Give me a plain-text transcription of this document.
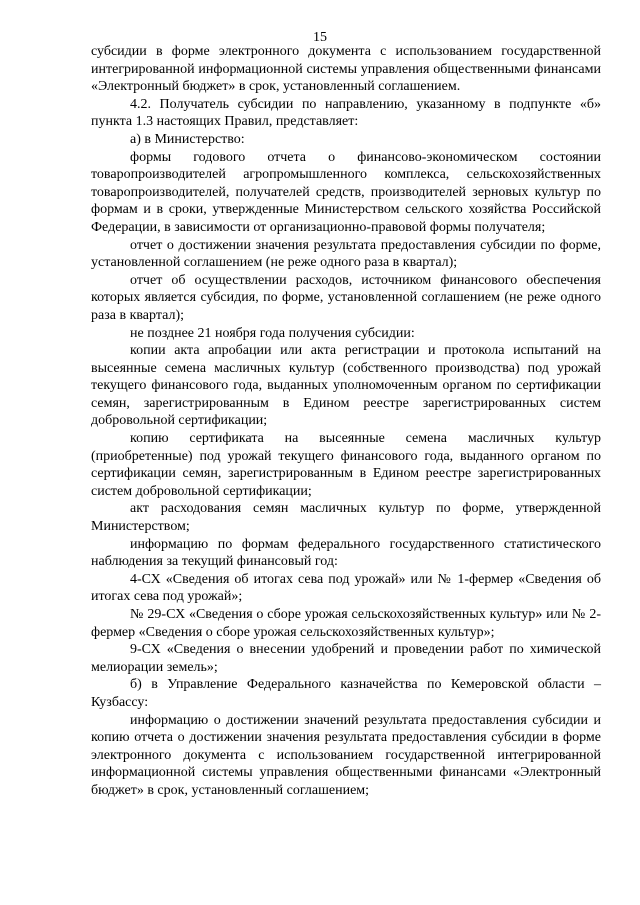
15

субсидии в форме электронного документа с использованием государственной интегрированной информационной системы управления общественными финансами «Электронный бюджет» в срок, установленный соглашением.

4.2. Получатель субсидии по направлению, указанному в подпункте «б» пункта 1.3 настоящих Правил, представляет:

а) в Министерство:

формы годового отчета о финансово-экономическом состоянии товаропроизводителей агропромышленного комплекса, сельскохозяйственных товаропроизводителей, получателей средств, производителей зерновых культур по формам и в сроки, утвержденные Министерством сельского хозяйства Российской Федерации, в зависимости от организационно-правовой формы получателя;

отчет о достижении значения результата предоставления субсидии по форме, установленной соглашением (не реже одного раза в квартал);

отчет об осуществлении расходов, источником финансового обеспечения которых является субсидия, по форме, установленной соглашением (не реже одного раза в квартал);

не позднее 21 ноября года получения субсидии:

копии акта апробации или акта регистрации и протокола испытаний на высеянные семена масличных культур (собственного производства) под урожай текущего финансового года, выданных уполномоченным органом по сертификации семян, зарегистрированным в Едином реестре зарегистрированных систем добровольной сертификации;

копию сертификата на высеянные семена масличных культур (приобретенные) под урожай текущего финансового года, выданного органом по сертификации семян, зарегистрированным в Едином реестре зарегистрированных систем добровольной сертификации;

акт расходования семян масличных культур по форме, утвержденной Министерством;

информацию по формам федерального государственного статистического наблюдения за текущий финансовый год:

4-СХ «Сведения об итогах сева под урожай» или № 1-фермер «Сведения об итогах сева под урожай»;

№ 29-СХ «Сведения о сборе урожая сельскохозяйственных культур» или № 2-фермер «Сведения о сборе урожая сельскохозяйственных культур»;

9-СХ «Сведения о внесении удобрений и проведении работ по химической мелиорации земель»;

б) в Управление Федерального казначейства по Кемеровской области – Кузбассу:

информацию о достижении значений результата предоставления субсидии и копию отчета о достижении значения результата предоставления субсидии в форме электронного документа с использованием государственной интегрированной информационной системы управления общественными финансами «Электронный бюджет» в срок, установленный соглашением;
